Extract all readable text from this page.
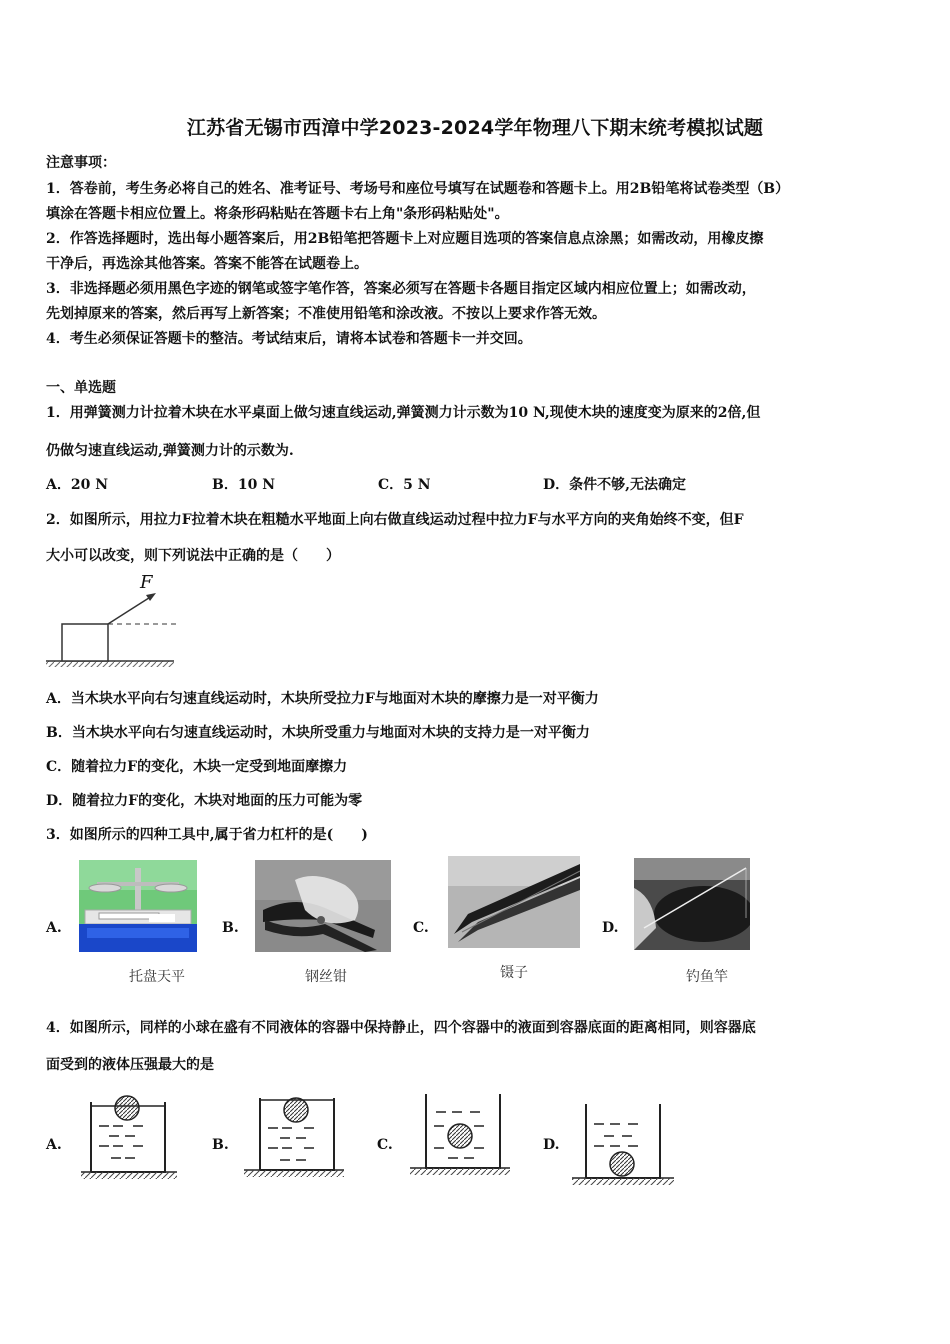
江苏省无锡市西漳中学2023-2024学年物理八下期末统考模拟试题
注意事项：
1．答卷前，考生务必将自己的姓名、准考证号、考场号和座位号填写在试题卷和答题卡上。用2B铅笔将试卷类型（B）
填涂在答题卡相应位置上。将条形码粘贴在答题卡右上角"条形码粘贴处"。
2．作答选择题时，选出每小题答案后，用2B铅笔把答题卡上对应题目选项的答案信息点涂黑；如需改动，用橡皮擦
干净后，再选涂其他答案。答案不能答在试题卷上。
3．非选择题必须用黑色字迹的钢笔或签字笔作答，答案必须写在答题卡各题目指定区域内相应位置上；如需改动，
先划掉原来的答案，然后再写上新答案；不准使用铅笔和涂改液。不按以上要求作答无效。
4．考生必须保证答题卡的整洁。考试结束后，请将本试卷和答题卡一并交回。
一、单选题
1．用弹簧测力计拉着木块在水平桌面上做匀速直线运动,弹簧测力计示数为10 N,现使木块的速度变为原来的2倍,但
仍做匀速直线运动,弹簧测力计的示数为.
A．20 N	B．10 N	C．5 N	D．条件不够,无法确定
2．如图所示，用拉力F拉着木块在粗糙水平地面上向右做直线运动过程中拉力F与水平方向的夹角始终不变，但F
大小可以改变，则下列说法中正确的是（　　）
F
A．当木块水平向右匀速直线运动时，木块所受拉力F与地面对木块的摩擦力是一对平衡力
B．当木块水平向右匀速直线运动时，木块所受重力与地面对木块的支持力是一对平衡力
C．随着拉力F的变化，木块一定受到地面摩擦力
D．随着拉力F的变化，木块对地面的压力可能为零
3．如图所示的四种工具中,属于省力杠杆的是(　　)
A.
托盘天平
B.
钢丝钳
C.
镊子
D.
钓鱼竿
4．如图所示，同样的小球在盛有不同液体的容器中保持静止，四个容器中的液面到容器底面的距离相同，则容器底
面受到的液体压强最大的是
A.	B.	C.	D.
